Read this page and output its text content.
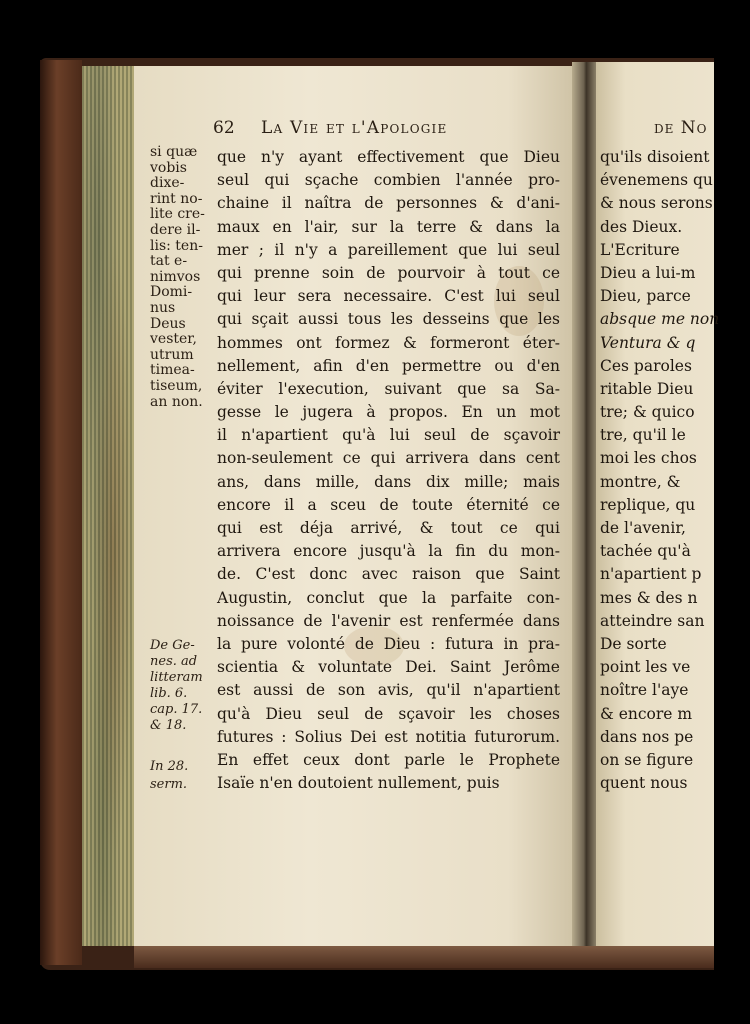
62 La Vie et l'Apologie
si quæ
vobis
dixe-
rint no-
lite cre-
dere il-
lis: ten-
tat e-
nimvos
Domi-
nus
Deus
vester,
utrum
timea-
tiseum,
an non.
De Ge-
nes. ad
litteram
lib. 6.
cap. 17.
& 18.
In 28.
serm.
que n'y ayant effectivement que Dieu
seul qui sçache combien l'année pro-
chaine il naîtra de personnes & d'ani-
maux en l'air, sur la terre & dans la
mer ; il n'y a pareillement que lui seul
qui prenne soin de pourvoir à tout ce
qui leur sera necessaire. C'est lui seul
qui sçait aussi tous les desseins que les
hommes ont formez & formeront éter-
nellement, afin d'en permettre ou d'en
éviter l'execution, suivant que sa Sa-
gesse le jugera à propos. En un mot
il n'apartient qu'à lui seul de sçavoir
non-seulement ce qui arrivera dans cent
ans, dans mille, dans dix mille; mais
encore il a sceu de toute éternité ce
qui est déja arrivé, & tout ce qui
arrivera encore jusqu'à la fin du mon-
de. C'est donc avec raison que Saint
Augustin, conclut que la parfaite con-
noissance de l'avenir est renfermée dans
la pure volonté de Dieu : futura in pra-
scientia & voluntate Dei. Saint Jerôme
est aussi de son avis, qu'il n'apartient
qu'à Dieu seul de sçavoir les choses
futures : Solius Dei est notitia futurorum.
En effet ceux dont parle le Prophete
Isaïe n'en doutoient nullement, puis
de No
qu'ils disoient
évenemens qu
& nous serons
des Dieux.
L'Ecriture
Dieu a lui-m
Dieu, parce
absque me non
Ventura & q
Ces paroles
ritable Dieu
tre; & quico
tre, qu'il le
moi les chos
montre, &
replique, qu
de l'avenir,
tachée qu'à
n'apartient p
mes & des n
atteindre san
De sorte
point les ve
noître l'aye
& encore m
dans nos pe
on se figure
quent nous
